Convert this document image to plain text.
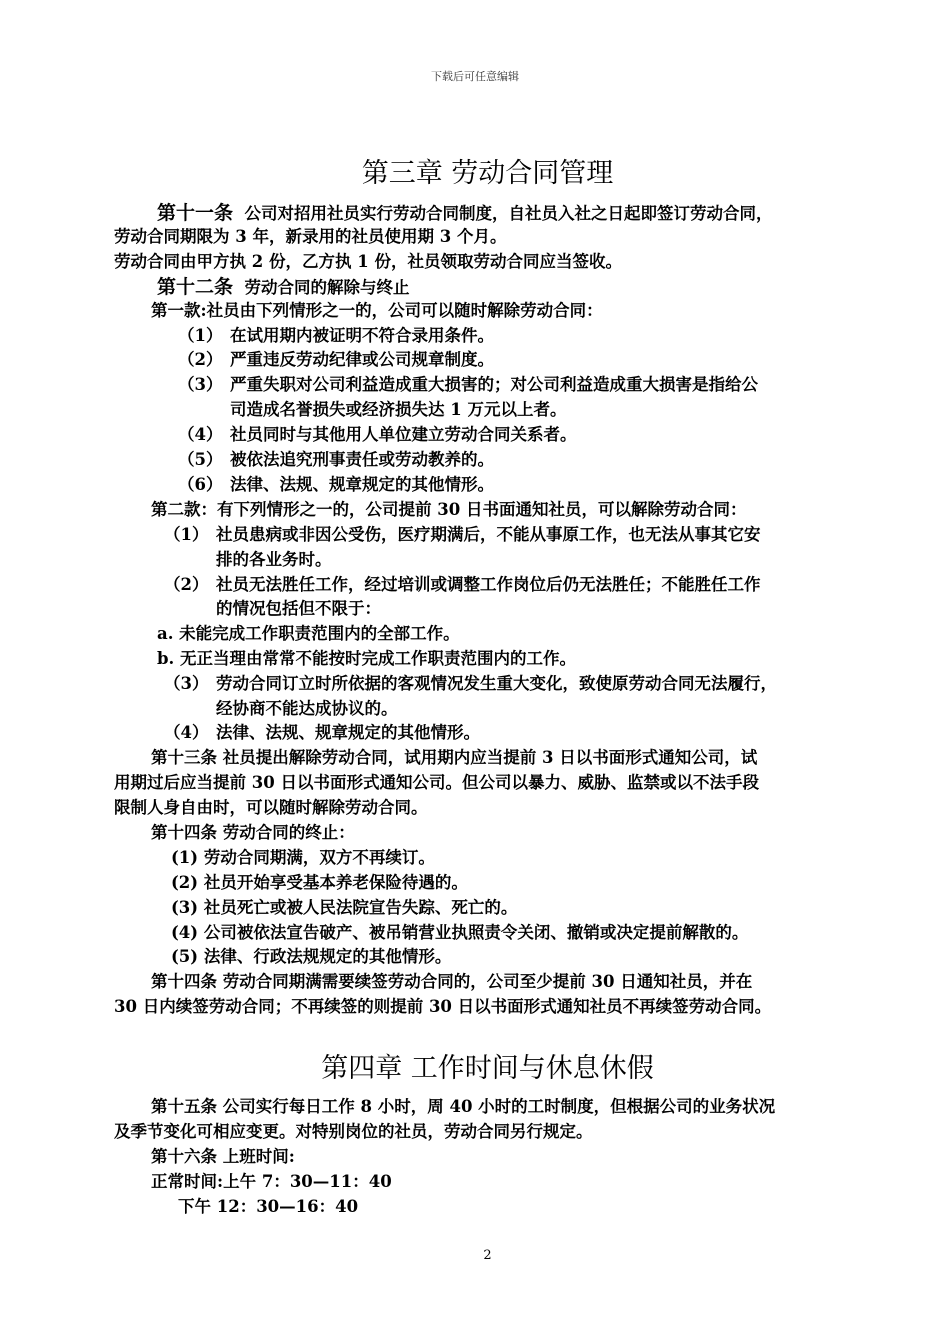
下载后可任意编辑
第三章 劳动合同管理
第十一条 公司对招用社员实行劳动合同制度，自社员入社之日起即签订劳动合同，
劳动合同期限为 3 年，新录用的社员使用期 3 个月。
劳动合同由甲方执 2 份，乙方执 1 份，社员领取劳动合同应当签收。
第十二条 劳动合同的解除与终止
第一款:社员由下列情形之一的，公司可以随时解除劳动合同：
（1） 在试用期内被证明不符合录用条件。
（2） 严重违反劳动纪律或公司规章制度。
（3） 严重失职对公司利益造成重大损害的；对公司利益造成重大损害是指给公
司造成名誉损失或经济损失达 1 万元以上者。
（4） 社员同时与其他用人单位建立劳动合同关系者。
（5） 被依法追究刑事责任或劳动教养的。
（6） 法律、法规、规章规定的其他情形。
第二款：有下列情形之一的，公司提前 30 日书面通知社员，可以解除劳动合同：
（1） 社员患病或非因公受伤，医疗期满后，不能从事原工作，也无法从事其它安
排的各业务时。
（2） 社员无法胜任工作，经过培训或调整工作岗位后仍无法胜任；不能胜任工作
的情况包括但不限于：
a. 未能完成工作职责范围内的全部工作。
b. 无正当理由常常不能按时完成工作职责范围内的工作。
（3） 劳动合同订立时所依据的客观情况发生重大变化，致使原劳动合同无法履行，
经协商不能达成协议的。
（4） 法律、法规、规章规定的其他情形。
第十三条 社员提出解除劳动合同，试用期内应当提前 3 日以书面形式通知公司，试
用期过后应当提前 30 日以书面形式通知公司。但公司以暴力、威胁、监禁或以不法手段
限制人身自由时，可以随时解除劳动合同。
第十四条 劳动合同的终止：
(1) 劳动合同期满，双方不再续订。
(2) 社员开始享受基本养老保险待遇的。
(3) 社员死亡或被人民法院宣告失踪、死亡的。
(4) 公司被依法宣告破产、被吊销营业执照责令关闭、撤销或决定提前解散的。
(5) 法律、行政法规规定的其他情形。
第十四条 劳动合同期满需要续签劳动合同的，公司至少提前 30 日通知社员，并在
30 日内续签劳动合同；不再续签的则提前 30 日以书面形式通知社员不再续签劳动合同。
第四章 工作时间与休息休假
第十五条 公司实行每日工作 8 小时，周 40 小时的工时制度，但根据公司的业务状况
及季节变化可相应变更。对特别岗位的社员，劳动合同另行规定。
第十六条 上班时间:
正常时间:上午 7：30—11：40
下午 12：30—16：40
2
